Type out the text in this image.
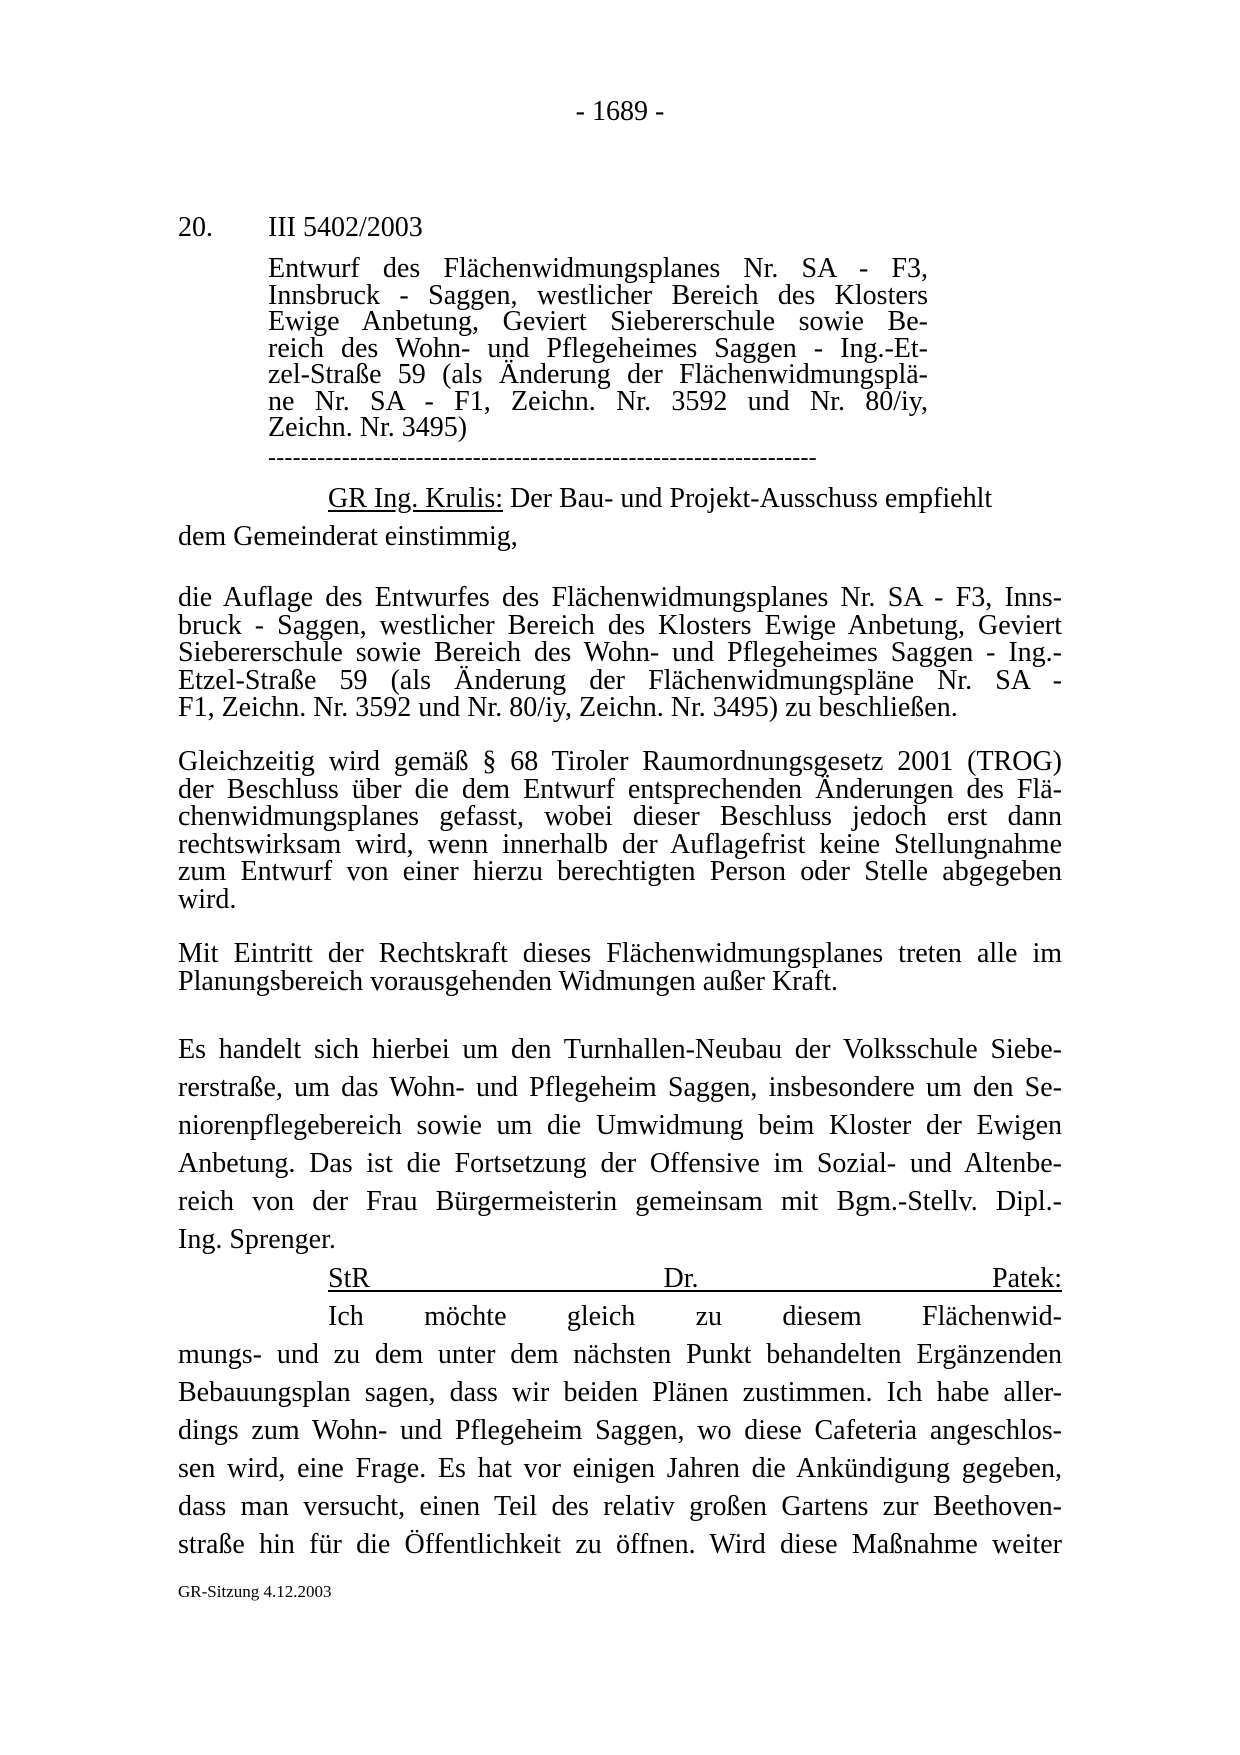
- 1689 -
20. III 5402/2003
Entwurf des Flächenwidmungsplanes Nr. SA - F3,
Innsbruck - Saggen, westlicher Bereich des Klosters
Ewige Anbetung, Geviert Siebererschule sowie Be-
reich des Wohn- und Pflegeheimes Saggen - Ing.-Et-
zel-Straße 59 (als Änderung der Flächenwidmungsplä-
ne Nr. SA - F1, Zeichn. Nr. 3592 und Nr. 80/iy,
Zeichn. Nr. 3495)
-------------------------------------------------------------------
GR Ing. Krulis: Der Bau- und Projekt-Ausschuss empfiehlt
dem Gemeinderat einstimmig,
die Auflage des Entwurfes des Flächenwidmungsplanes Nr. SA - F3, Inns-
bruck - Saggen, westlicher Bereich des Klosters Ewige Anbetung, Geviert
Siebererschule sowie Bereich des Wohn- und Pflegeheimes Saggen - Ing.-
Etzel-Straße 59 (als Änderung der Flächenwidmungspläne Nr. SA -
F1, Zeichn. Nr. 3592 und Nr. 80/iy, Zeichn. Nr. 3495) zu beschließen.
Gleichzeitig wird gemäß § 68 Tiroler Raumordnungsgesetz 2001 (TROG)
der Beschluss über die dem Entwurf entsprechenden Änderungen des Flä-
chenwidmungsplanes gefasst, wobei dieser Beschluss jedoch erst dann
rechtswirksam wird, wenn innerhalb der Auflagefrist keine Stellungnahme
zum Entwurf von einer hierzu berechtigten Person oder Stelle abgegeben
wird.
Mit Eintritt der Rechtskraft dieses Flächenwidmungsplanes treten alle im
Planungsbereich vorausgehenden Widmungen außer Kraft.
Es handelt sich hierbei um den Turnhallen-Neubau der Volksschule Siebe-
rerstraße, um das Wohn- und Pflegeheim Saggen, insbesondere um den Se-
niorenpflegebereich sowie um die Umwidmung beim Kloster der Ewigen
Anbetung. Das ist die Fortsetzung der Offensive im Sozial- und Altenbe-
reich von der Frau Bürgermeisterin gemeinsam mit Bgm.-Stellv. Dipl.-
Ing. Sprenger.
StR Dr. Patek:
Ich möchte gleich zu diesem Flächenwid-
mungs- und zu dem unter dem nächsten Punkt behandelten Ergänzenden
Bebauungsplan sagen, dass wir beiden Plänen zustimmen. Ich habe aller-
dings zum Wohn- und Pflegeheim Saggen, wo diese Cafeteria angeschlos-
sen wird, eine Frage. Es hat vor einigen Jahren die Ankündigung gegeben,
dass man versucht, einen Teil des relativ großen Gartens zur Beethoven-
straße hin für die Öffentlichkeit zu öffnen. Wird diese Maßnahme weiter
GR-Sitzung 4.12.2003
